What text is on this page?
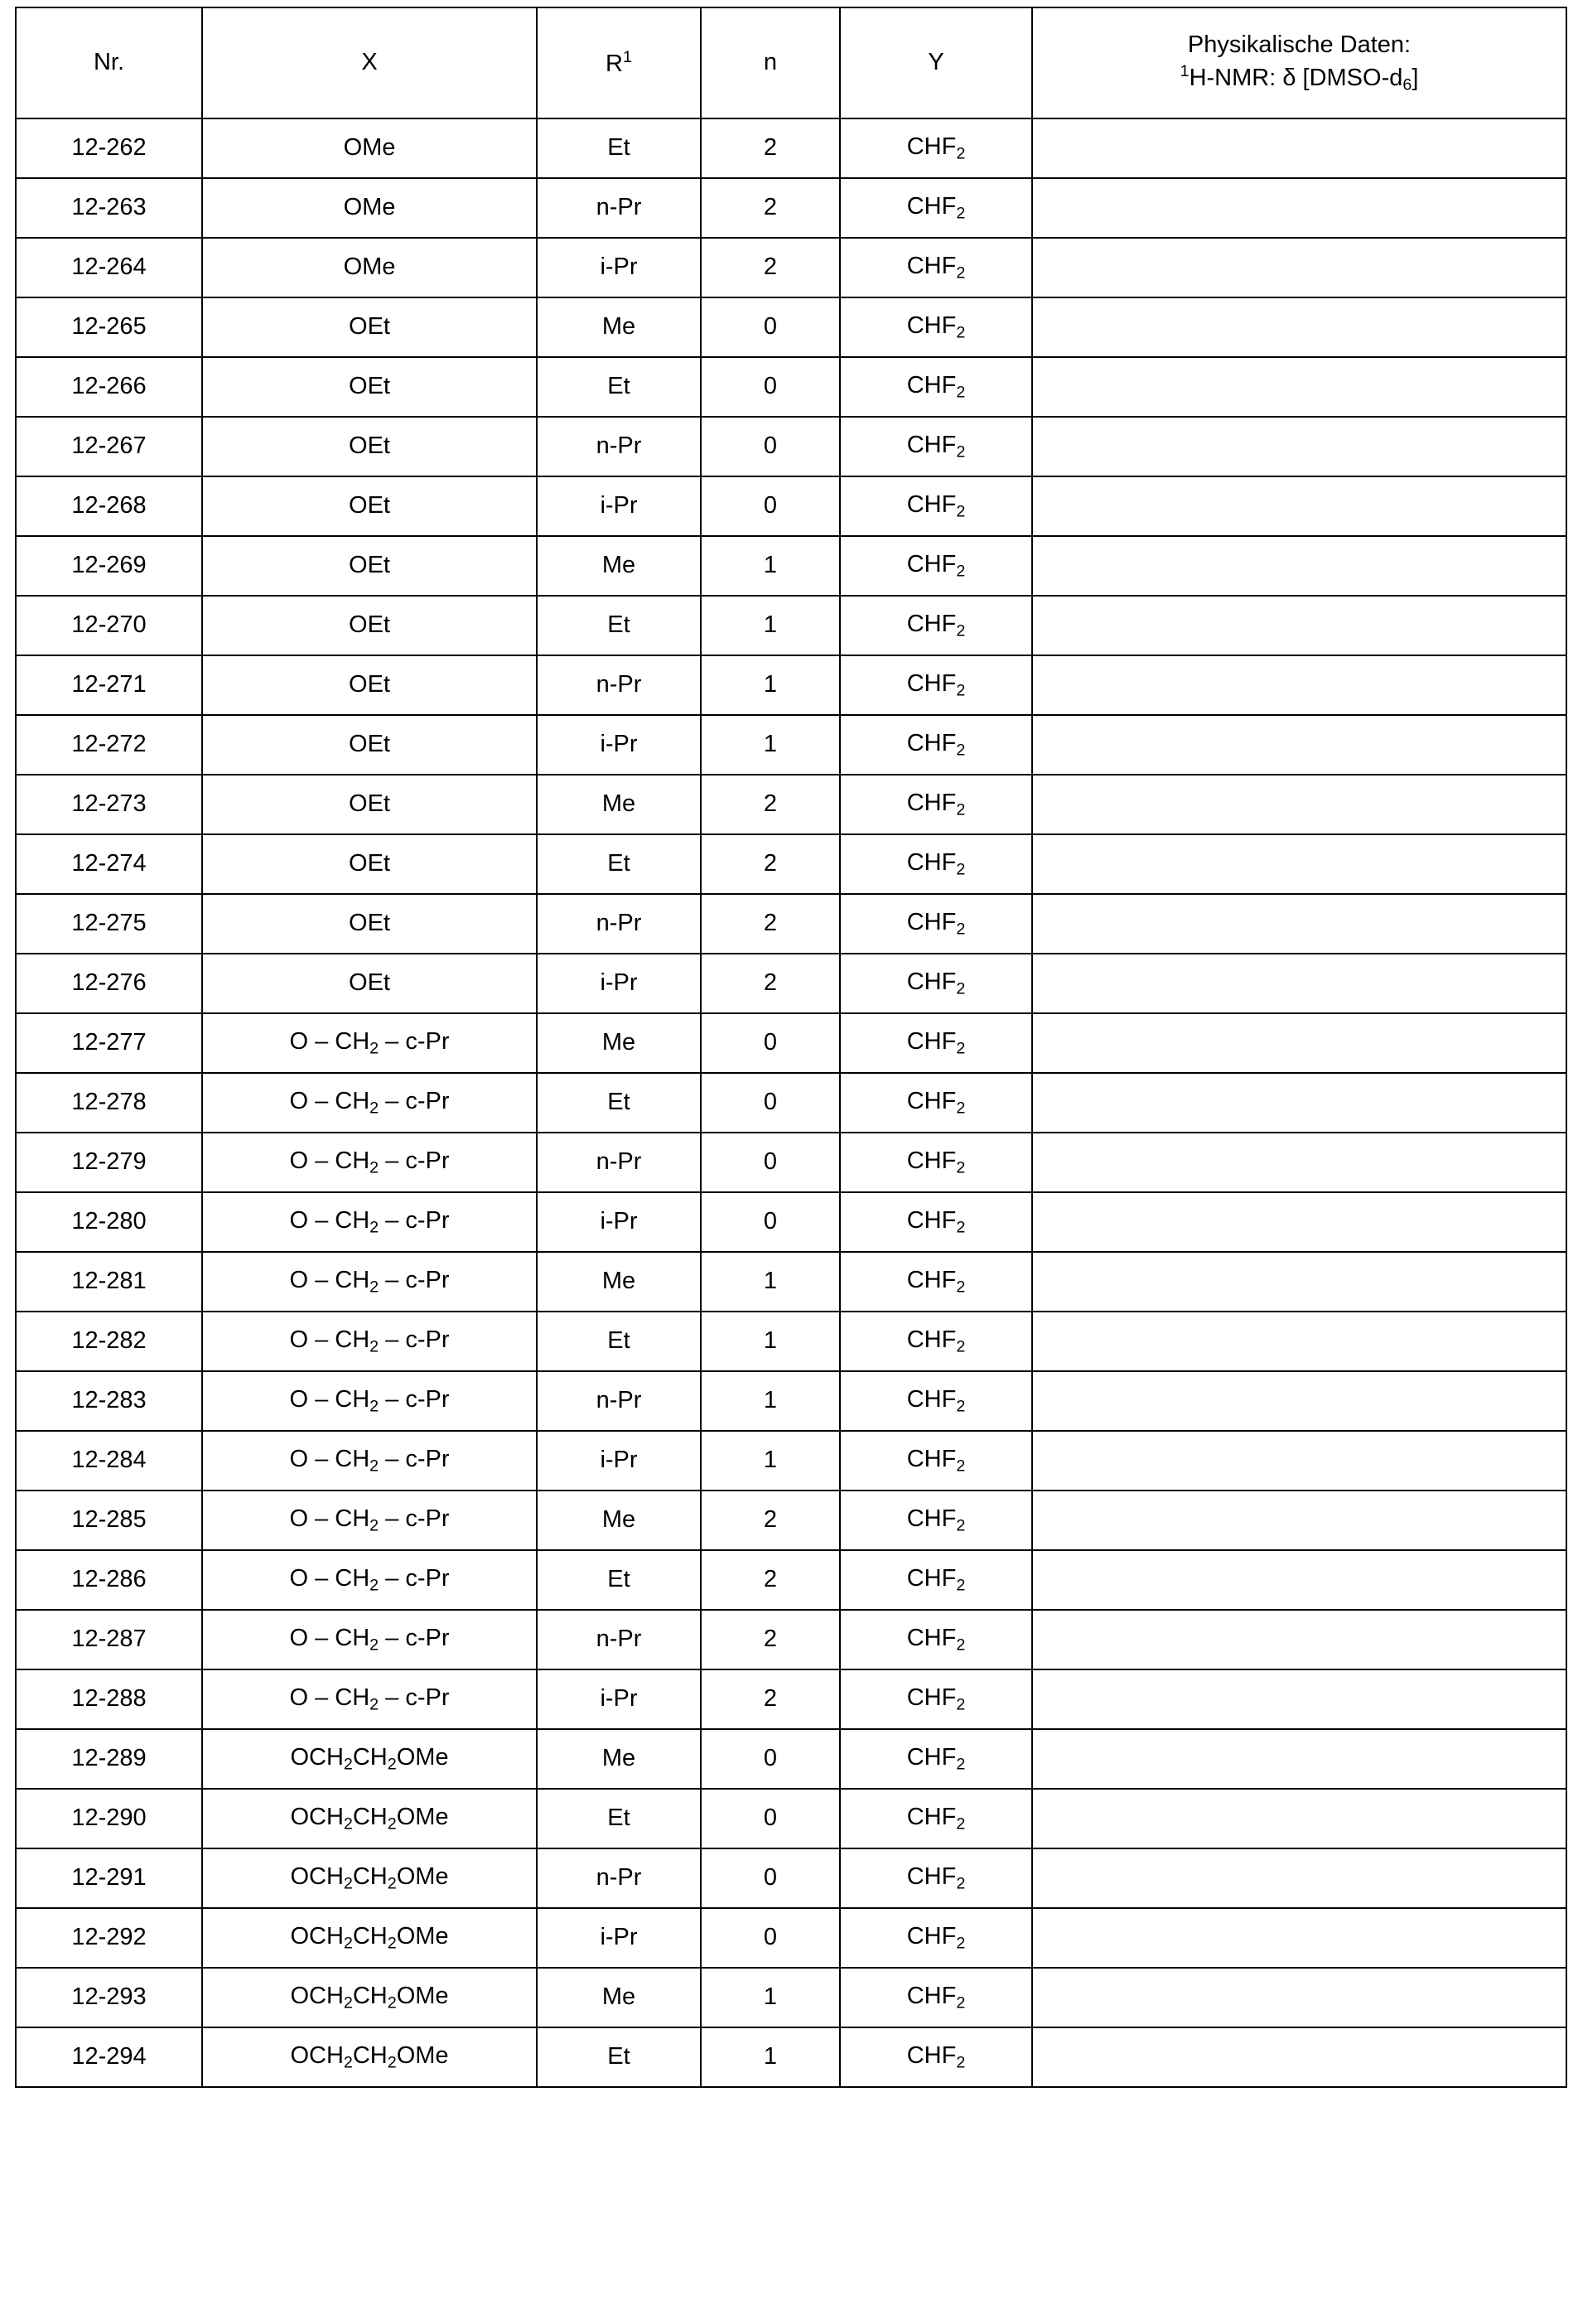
Nr.	X	$R^1$	n	Y	Physikalische Daten:
$^1$H-NMR: δ $[DMSO-d_6]$

12-262	OMe	Et	2	$CHF_2$	
12-263	OMe	n-Pr	2	$CHF_2$	
12-264	OMe	i-Pr	2	$CHF_2$	
12-265	OEt	Me	0	$CHF_2$	
12-266	OEt	Et	0	$CHF_2$	
12-267	OEt	n-Pr	0	$CHF_2$	
12-268	OEt	i-Pr	0	$CHF_2$	
12-269	OEt	Me	1	$CHF_2$	
12-270	OEt	Et	1	$CHF_2$	
12-271	OEt	n-Pr	1	$CHF_2$	
12-272	OEt	i-Pr	1	$CHF_2$	
12-273	OEt	Me	2	$CHF_2$	
12-274	OEt	Et	2	$CHF_2$	
12-275	OEt	n-Pr	2	$CHF_2$	
12-276	OEt	i-Pr	2	$CHF_2$	
12-277	O – $CH_2 - c-Pr$	Me	0	$CHF_2$	
12-278	O – $CH_2 - c-Pr$	Et	0	$CHF_2$	
12-279	O – $CH_2 - c-Pr$	n-Pr	0	$CHF_2$	
12-280	O – $CH_2 - c-Pr$	i-Pr	0	$CHF_2$	
12-281	O – $CH_2 - c-Pr$	Me	1	$CHF_2$	
12-282	O – $CH_2 - c-Pr$	Et	1	$CHF_2$	
12-283	O – $CH_2 - c-Pr$	n-Pr	1	$CHF_2$	
12-284	O – $CH_2 - c-Pr$	i-Pr	1	$CHF_2$	
12-285	O – $CH_2 - c-Pr$	Me	2	$CHF_2$	
12-286	O – $CH_2 - c-Pr$	Et	2	$CHF_2$	
12-287	O – $CH_2 - c-Pr$	n-Pr	2	$CHF_2$	
12-288	O – $CH_2 - c-Pr$	i-Pr	2	$CHF_2$	
12-289	$OCH_2CH_2OMe$	Me	0	$CHF_2$	
12-290	$OCH_2CH_2OMe$	Et	0	$CHF_2$	
12-291	$OCH_2CH_2OMe$	n-Pr	0	$CHF_2$	
12-292	$OCH_2CH_2OMe$	i-Pr	0	$CHF_2$	
12-293	$OCH_2CH_2OMe$	Me	1	$CHF_2$	
12-294	$OCH_2CH_2OMe$	Et	1	$CHF_2$	
